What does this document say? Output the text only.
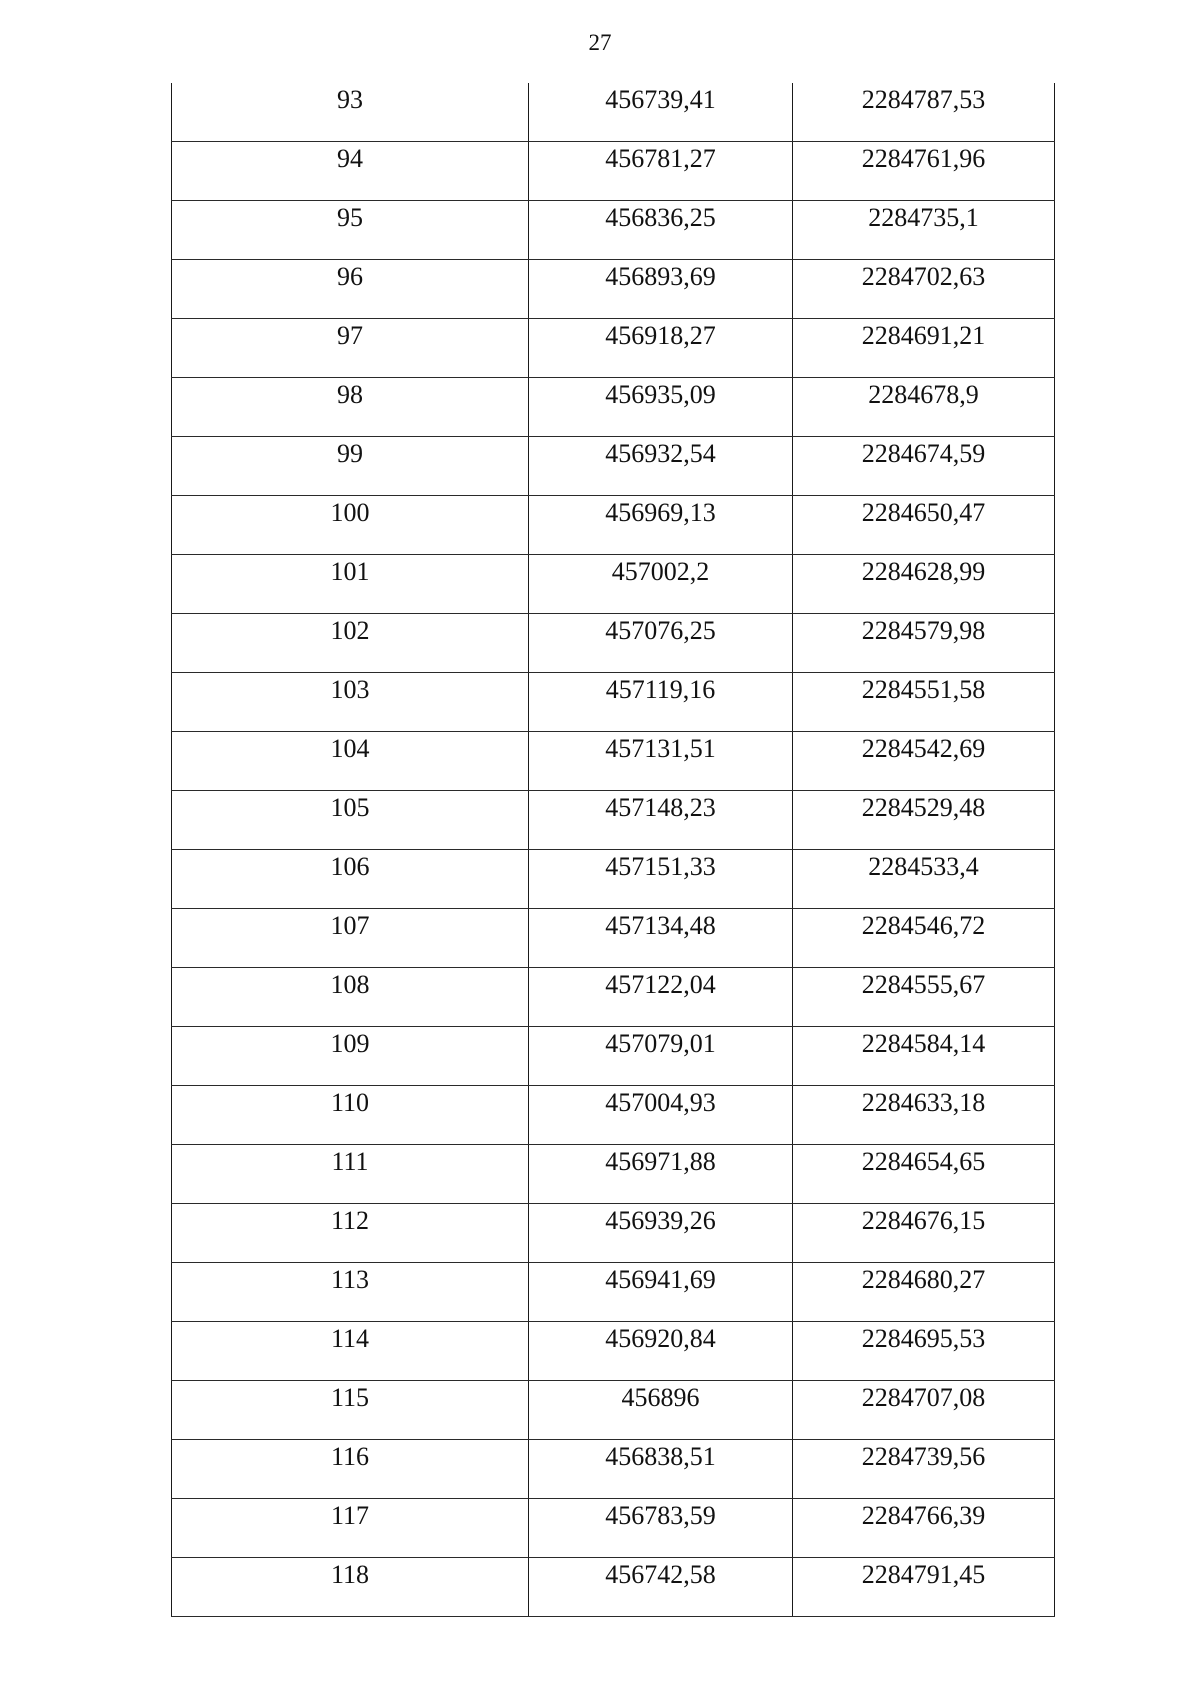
27
93	456739,41	2284787,53

94	456781,27	2284761,96

95	456836,25	2284735,1

96	456893,69	2284702,63

97	456918,27	2284691,21

98	456935,09	2284678,9

99	456932,54	2284674,59

100	456969,13	2284650,47

101	457002,2	2284628,99

102	457076,25	2284579,98

103	457119,16	2284551,58

104	457131,51	2284542,69

105	457148,23	2284529,48

106	457151,33	2284533,4

107	457134,48	2284546,72

108	457122,04	2284555,67

109	457079,01	2284584,14

110	457004,93	2284633,18

111	456971,88	2284654,65

112	456939,26	2284676,15

113	456941,69	2284680,27

114	456920,84	2284695,53

115	456896	2284707,08

116	456838,51	2284739,56

117	456783,59	2284766,39

118	456742,58	2284791,45
